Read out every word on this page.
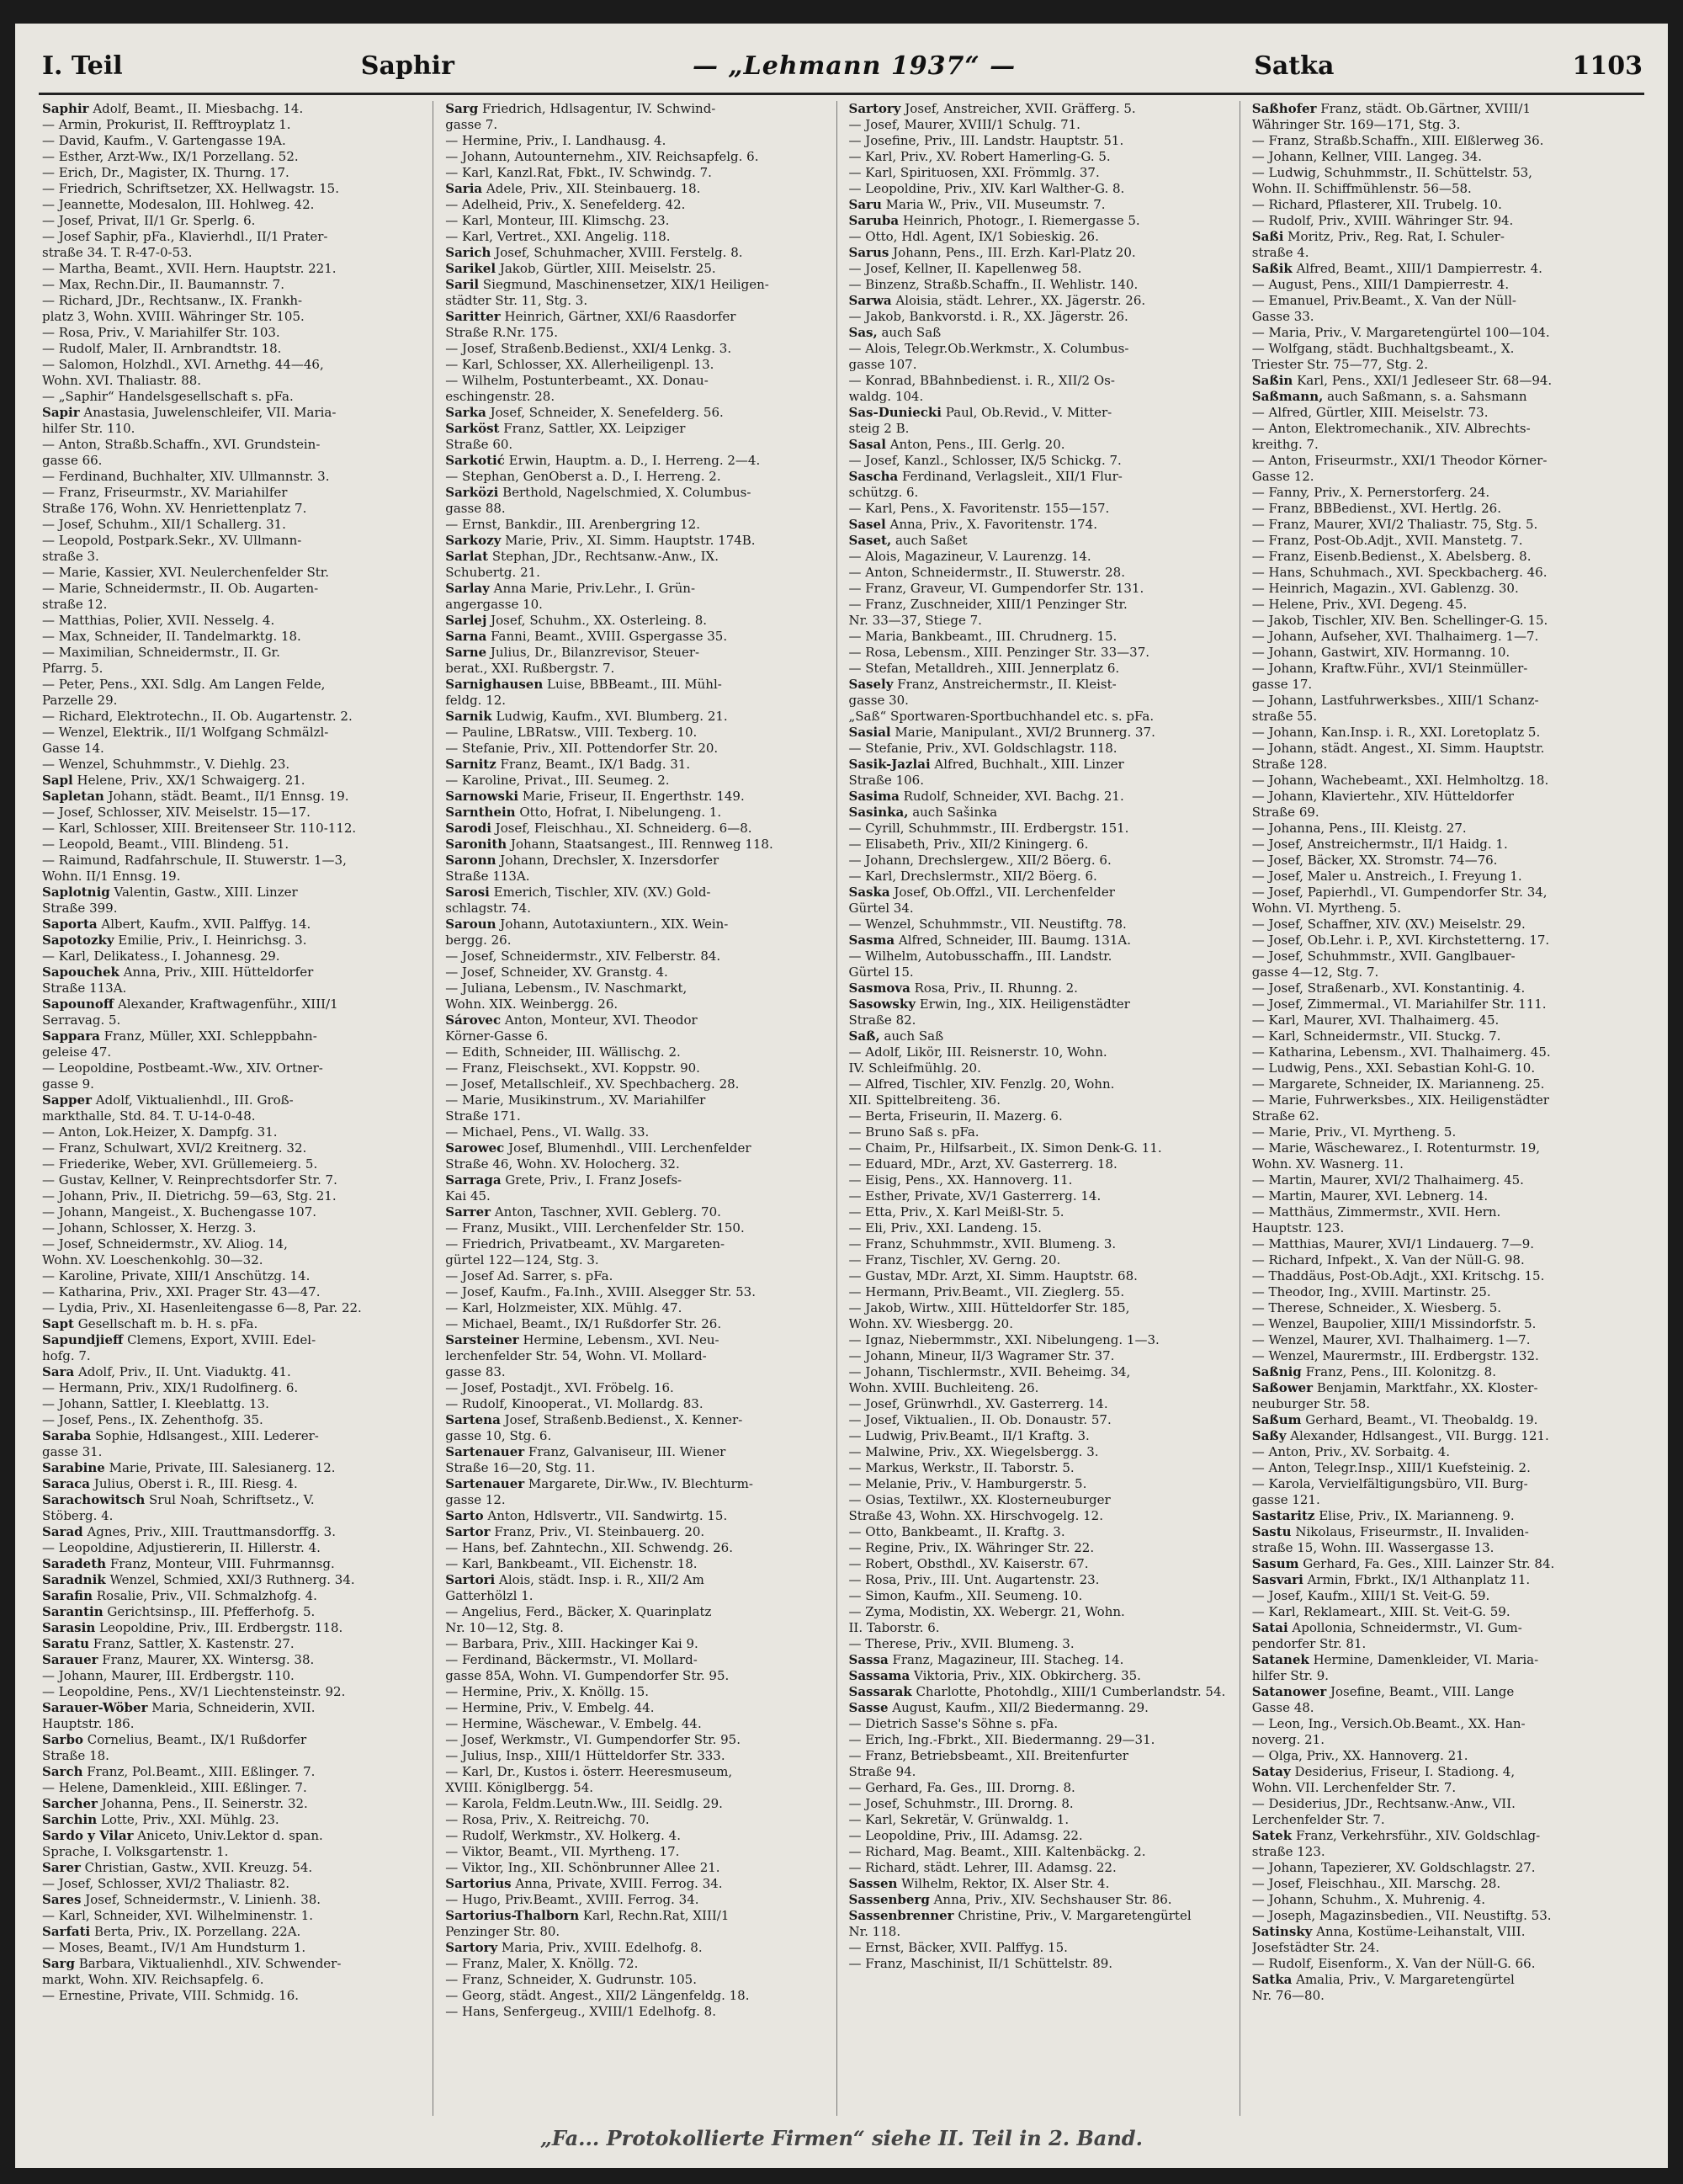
I. Teil	Saphir	— „Lehmann 1937“ —	Satka	1103
Saphir Adolf, Beamt., II. Miesbachg. 14.
— Armin, Prokurist, II. Refftroyplatz 1.
— David, Kaufm., V. Gartengasse 19A.
— Esther, Arzt-Ww., IX/1 Porzellang. 52.
— Erich, Dr., Magister, IX. Thurng. 17.
— Friedrich, Schriftsetzer, XX. Hellwagstr. 15.
— Jeannette, Modesalon, III. Hohlweg. 42.
— Josef, Privat, II/1 Gr. Sperlg. 6.
— Josef Saphir, pFa., Klavierhdl., II/1 Prater-
straße 34. T. R-47-0-53.
— Martha, Beamt., XVII. Hern. Hauptstr. 221.
— Max, Rechn.Dir., II. Baumannstr. 7.
— Richard, JDr., Rechtsanw., IX. Frankh-
platz 3, Wohn. XVIII. Währinger Str. 105.
— Rosa, Priv., V. Mariahilfer Str. 103.
— Rudolf, Maler, II. Arnbrandtstr. 18.
— Salomon, Holzhdl., XVI. Arnethg. 44—46,
Wohn. XVI. Thaliastr. 88.
— „Saphir“ Handelsgesellschaft s. pFa.
Sapir Anastasia, Juwelenschleifer, VII. Maria-
hilfer Str. 110.
— Anton, Straßb.Schaffn., XVI. Grundstein-
gasse 66.
— Ferdinand, Buchhalter, XIV. Ullmannstr. 3.
— Franz, Friseurmstr., XV. Mariahilfer
Straße 176, Wohn. XV. Henriettenplatz 7.
— Josef, Schuhm., XII/1 Schallerg. 31.
— Leopold, Postpark.Sekr., XV. Ullmann-
straße 3.
— Marie, Kassier, XVI. Neulerchenfelder Str.
— Marie, Schneidermstr., II. Ob. Augarten-
straße 12.
— Matthias, Polier, XVII. Nesselg. 4.
— Max, Schneider, II. Tandelmarktg. 18.
— Maximilian, Schneidermstr., II. Gr.
Pfarrg. 5.
— Peter, Pens., XXI. Sdlg. Am Langen Felde,
Parzelle 29.
— Richard, Elektrotechn., II. Ob. Augartenstr. 2.
— Wenzel, Elektrik., II/1 Wolfgang Schmälzl-
Gasse 14.
— Wenzel, Schuhmmstr., V. Diehlg. 23.
Sapl Helene, Priv., XX/1 Schwaigerg. 21.
Sapletan Johann, städt. Beamt., II/1 Ennsg. 19.
— Josef, Schlosser, XIV. Meiselstr. 15—17.
— Karl, Schlosser, XIII. Breitenseer Str. 110-112.
— Leopold, Beamt., VIII. Blindeng. 51.
— Raimund, Radfahrschule, II. Stuwerstr. 1—3,
Wohn. II/1 Ennsg. 19.
Saplotnig Valentin, Gastw., XIII. Linzer
Straße 399.
Saporta Albert, Kaufm., XVII. Palffyg. 14.
Sapotozky Emilie, Priv., I. Heinrichsg. 3.
— Karl, Delikatess., I. Johannesg. 29.
Sapouchek Anna, Priv., XIII. Hütteldorfer
Straße 113A.
Sapounoff Alexander, Kraftwagenführ., XIII/1
Serravag. 5.
Sappara Franz, Müller, XXI. Schleppbahn-
geleise 47.
— Leopoldine, Postbeamt.-Ww., XIV. Ortner-
gasse 9.
Sapper Adolf, Viktualienhdl., III. Groß-
markthalle, Std. 84. T. U-14-0-48.
— Anton, Lok.Heizer, X. Dampfg. 31.
— Franz, Schulwart, XVI/2 Kreitnerg. 32.
— Friederike, Weber, XVI. Grüllemeierg. 5.
— Gustav, Kellner, V. Reinprechtsdorfer Str. 7.
— Johann, Priv., II. Dietrichg. 59—63, Stg. 21.
— Johann, Mangeist., X. Buchengasse 107.
— Johann, Schlosser, X. Herzg. 3.
— Josef, Schneidermstr., XV. Aliog. 14,
Wohn. XV. Loeschenkohlg. 30—32.
— Karoline, Private, XIII/1 Anschützg. 14.
— Katharina, Priv., XXI. Prager Str. 43—47.
— Lydia, Priv., XI. Hasenleitengasse 6—8, Par. 22.
Sapt Gesellschaft m. b. H. s. pFa.
Sapundjieff Clemens, Export, XVIII. Edel-
hofg. 7.
Sara Adolf, Priv., II. Unt. Viaduktg. 41.
— Hermann, Priv., XIX/1 Rudolfinerg. 6.
— Johann, Sattler, I. Kleeblattg. 13.
— Josef, Pens., IX. Zehenthofg. 35.
Saraba Sophie, Hdlsangest., XIII. Lederer-
gasse 31.
Sarabine Marie, Private, III. Salesianerg. 12.
Saraca Julius, Oberst i. R., III. Riesg. 4.
Sarachowitsch Srul Noah, Schriftsetz., V.
Stöberg. 4.
Sarad Agnes, Priv., XIII. Trauttmansdorffg. 3.
— Leopoldine, Adjustiererin, II. Hillerstr. 4.
Saradeth Franz, Monteur, VIII. Fuhrmannsg.
Saradnik Wenzel, Schmied, XXI/3 Ruthnerg. 34.
Sarafin Rosalie, Priv., VII. Schmalzhofg. 4.
Sarantin Gerichtsinsp., III. Pfefferhofg. 5.
Sarasin Leopoldine, Priv., III. Erdbergstr. 118.
Saratu Franz, Sattler, X. Kastenstr. 27.
Sarauer Franz, Maurer, XX. Wintersg. 38.
— Johann, Maurer, III. Erdbergstr. 110.
— Leopoldine, Pens., XV/1 Liechtensteinstr. 92.
Sarauer-Wöber Maria, Schneiderin, XVII.
Hauptstr. 186.
Sarbo Cornelius, Beamt., IX/1 Rußdorfer
Straße 18.
Sarch Franz, Pol.Beamt., XIII. Eßlinger. 7.
— Helene, Damenkleid., XIII. Eßlinger. 7.
Sarcher Johanna, Pens., II. Seinerstr. 32.
Sarchin Lotte, Priv., XXI. Mühlg. 23.
Sardo y Vilar Aniceto, Univ.Lektor d. span.
Sprache, I. Volksgartenstr. 1.
Sarer Christian, Gastw., XVII. Kreuzg. 54.
— Josef, Schlosser, XVI/2 Thaliastr. 82.
Sares Josef, Schneidermstr., V. Linienh. 38.
— Karl, Schneider, XVI. Wilhelminenstr. 1.
Sarfati Berta, Priv., IX. Porzellang. 22A.
— Moses, Beamt., IV/1 Am Hundsturm 1.
Sarg Barbara, Viktualienhdl., XIV. Schwender-
markt, Wohn. XIV. Reichsapfelg. 6.
— Ernestine, Private, VIII. Schmidg. 16.
Sarg Friedrich, Hdlsagentur, IV. Schwind-
gasse 7.
— Hermine, Priv., I. Landhausg. 4.
— Johann, Autounternehm., XIV. Reichsapfelg. 6.
— Karl, Kanzl.Rat, Fbkt., IV. Schwindg. 7.
Saria Adele, Priv., XII. Steinbauerg. 18.
— Adelheid, Priv., X. Senefelderg. 42.
— Karl, Monteur, III. Klimschg. 23.
— Karl, Vertret., XXI. Angelig. 118.
Sarich Josef, Schuhmacher, XVIII. Ferstelg. 8.
Sarikel Jakob, Gürtler, XIII. Meiselstr. 25.
Saril Siegmund, Maschinensetzer, XIX/1 Heiligen-
städter Str. 11, Stg. 3.
Saritter Heinrich, Gärtner, XXI/6 Raasdorfer
Straße R.Nr. 175.
— Josef, Straßenb.Bedienst., XXI/4 Lenkg. 3.
— Karl, Schlosser, XX. Allerheiligenpl. 13.
— Wilhelm, Postunterbeamt., XX. Donau-
eschingenstr. 28.
Sarka Josef, Schneider, X. Senefelderg. 56.
Sarköst Franz, Sattler, XX. Leipziger
Straße 60.
Sarkotić Erwin, Hauptm. a. D., I. Herreng. 2—4.
— Stephan, GenOberst a. D., I. Herreng. 2.
Sarközi Berthold, Nagelschmied, X. Columbus-
gasse 88.
— Ernst, Bankdir., III. Arenbergring 12.
Sarkozy Marie, Priv., XI. Simm. Hauptstr. 174B.
Sarlat Stephan, JDr., Rechtsanw.-Anw., IX.
Schubertg. 21.
Sarlay Anna Marie, Priv.Lehr., I. Grün-
angergasse 10.
Sarlej Josef, Schuhm., XX. Osterleing. 8.
Sarna Fanni, Beamt., XVIII. Gspergasse 35.
Sarne Julius, Dr., Bilanzrevisor, Steuer-
berat., XXI. Rußbergstr. 7.
Sarnighausen Luise, BBBeamt., III. Mühl-
feldg. 12.
Sarnik Ludwig, Kaufm., XVI. Blumberg. 21.
— Pauline, LBRatsw., VIII. Texberg. 10.
— Stefanie, Priv., XII. Pottendorfer Str. 20.
Sarnitz Franz, Beamt., IX/1 Badg. 31.
— Karoline, Privat., III. Seumeg. 2.
Sarnowski Marie, Friseur, II. Engerthstr. 149.
Sarnthein Otto, Hofrat, I. Nibelungeng. 1.
Sarodi Josef, Fleischhau., XI. Schneiderg. 6—8.
Saronith Johann, Staatsangest., III. Rennweg 118.
Saronn Johann, Drechsler, X. Inzersdorfer
Straße 113A.
Sarosi Emerich, Tischler, XIV. (XV.) Gold-
schlagstr. 74.
Saroun Johann, Autotaxiuntern., XIX. Wein-
bergg. 26.
— Josef, Schneidermstr., XIV. Felberstr. 84.
— Josef, Schneider, XV. Granstg. 4.
— Juliana, Lebensm., IV. Naschmarkt,
Wohn. XIX. Weinbergg. 26.
Sárovec Anton, Monteur, XVI. Theodor
Körner-Gasse 6.
— Edith, Schneider, III. Wällischg. 2.
— Franz, Fleischsekt., XVI. Koppstr. 90.
— Josef, Metallschleif., XV. Spechbacherg. 28.
— Marie, Musikinstrum., XV. Mariahilfer
Straße 171.
— Michael, Pens., VI. Wallg. 33.
Sarowec Josef, Blumenhdl., VIII. Lerchenfelder
Straße 46, Wohn. XV. Holocherg. 32.
Sarraga Grete, Priv., I. Franz Josefs-
Kai 45.
Sarrer Anton, Taschner, XVII. Geblerg. 70.
— Franz, Musikt., VIII. Lerchenfelder Str. 150.
— Friedrich, Privatbeamt., XV. Margareten-
gürtel 122—124, Stg. 3.
— Josef Ad. Sarrer, s. pFa.
— Josef, Kaufm., Fa.Inh., XVIII. Alsegger Str. 53.
— Karl, Holzmeister, XIX. Mühlg. 47.
— Michael, Beamt., IX/1 Rußdorfer Str. 26.
Sarsteiner Hermine, Lebensm., XVI. Neu-
lerchenfelder Str. 54, Wohn. VI. Mollard-
gasse 83.
— Josef, Postadjt., XVI. Fröbelg. 16.
— Rudolf, Kinooperat., VI. Mollardg. 83.
Sartena Josef, Straßenb.Bedienst., X. Kenner-
gasse 10, Stg. 6.
Sartenauer Franz, Galvaniseur, III. Wiener
Straße 16—20, Stg. 11.
Sartenauer Margarete, Dir.Ww., IV. Blechturm-
gasse 12.
Sarto Anton, Hdlsvertr., VII. Sandwirtg. 15.
Sartor Franz, Priv., VI. Steinbauerg. 20.
— Hans, bef. Zahntechn., XII. Schwendg. 26.
— Karl, Bankbeamt., VII. Eichenstr. 18.
Sartori Alois, städt. Insp. i. R., XII/2 Am
Gatterhölzl 1.
— Angelius, Ferd., Bäcker, X. Quarinplatz
Nr. 10—12, Stg. 8.
— Barbara, Priv., XIII. Hackinger Kai 9.
— Ferdinand, Bäckermstr., VI. Mollard-
gasse 85A, Wohn. VI. Gumpendorfer Str. 95.
— Hermine, Priv., X. Knöllg. 15.
— Hermine, Priv., V. Embelg. 44.
— Hermine, Wäschewar., V. Embelg. 44.
— Josef, Werkmstr., VI. Gumpendorfer Str. 95.
— Julius, Insp., XIII/1 Hütteldorfer Str. 333.
— Karl, Dr., Kustos i. österr. Heeresmuseum,
XVIII. Königlbergg. 54.
— Karola, Feldm.Leutn.Ww., III. Seidlg. 29.
— Rosa, Priv., X. Reitreichg. 70.
— Rudolf, Werkmstr., XV. Holkerg. 4.
— Viktor, Beamt., VII. Myrtheng. 17.
— Viktor, Ing., XII. Schönbrunner Allee 21.
Sartorius Anna, Private, XVIII. Ferrog. 34.
— Hugo, Priv.Beamt., XVIII. Ferrog. 34.
Sartorius-Thalborn Karl, Rechn.Rat, XIII/1
Penzinger Str. 80.
Sartory Maria, Priv., XVIII. Edelhofg. 8.
— Franz, Maler, X. Knöllg. 72.
— Franz, Schneider, X. Gudrunstr. 105.
— Georg, städt. Angest., XII/2 Längenfeldg. 18.
— Hans, Senfergeug., XVIII/1 Edelhofg. 8.
Sartory Josef, Anstreicher, XVII. Gräfferg. 5.
— Josef, Maurer, XVIII/1 Schulg. 71.
— Josefine, Priv., III. Landstr. Hauptstr. 51.
— Karl, Priv., XV. Robert Hamerling-G. 5.
— Karl, Spirituosen, XXI. Frömmlg. 37.
— Leopoldine, Priv., XIV. Karl Walther-G. 8.
Saru Maria W., Priv., VII. Museumstr. 7.
Saruba Heinrich, Photogr., I. Riemergasse 5.
— Otto, Hdl. Agent, IX/1 Sobieskig. 26.
Sarus Johann, Pens., III. Erzh. Karl-Platz 20.
— Josef, Kellner, II. Kapellenweg 58.
— Binzenz, Straßb.Schaffn., II. Wehlistr. 140.
Sarwa Aloisia, städt. Lehrer., XX. Jägerstr. 26.
— Jakob, Bankvorstd. i. R., XX. Jägerstr. 26.
Sas, auch Saß
— Alois, Telegr.Ob.Werkmstr., X. Columbus-
gasse 107.
— Konrad, BBahnbedienst. i. R., XII/2 Os-
waldg. 104.
Sas-Duniecki Paul, Ob.Revid., V. Mitter-
steig 2 B.
Sasal Anton, Pens., III. Gerlg. 20.
— Josef, Kanzl., Schlosser, IX/5 Schickg. 7.
Sascha Ferdinand, Verlagsleit., XII/1 Flur-
schützg. 6.
— Karl, Pens., X. Favoritenstr. 155—157.
Sasel Anna, Priv., X. Favoritenstr. 174.
Saset, auch Saßet
— Alois, Magazineur, V. Laurenzg. 14.
— Anton, Schneidermstr., II. Stuwerstr. 28.
— Franz, Graveur, VI. Gumpendorfer Str. 131.
— Franz, Zuschneider, XIII/1 Penzinger Str.
Nr. 33—37, Stiege 7.
— Maria, Bankbeamt., III. Chrudnerg. 15.
— Rosa, Lebensm., XIII. Penzinger Str. 33—37.
— Stefan, Metalldreh., XIII. Jennerplatz 6.
Sasely Franz, Anstreichermstr., II. Kleist-
gasse 30.
„Saß“ Sportwaren-Sportbuchhandel etc. s. pFa.
Sasial Marie, Manipulant., XVI/2 Brunnerg. 37.
— Stefanie, Priv., XVI. Goldschlagstr. 118.
Sasik-Jazlai Alfred, Buchhalt., XIII. Linzer
Straße 106.
Sasima Rudolf, Schneider, XVI. Bachg. 21.
Sasinka, auch Sašinka
— Cyrill, Schuhmmstr., III. Erdbergstr. 151.
— Elisabeth, Priv., XII/2 Kiningerg. 6.
— Johann, Drechslergew., XII/2 Böerg. 6.
— Karl, Drechslermstr., XII/2 Böerg. 6.
Saska Josef, Ob.Offzl., VII. Lerchenfelder
Gürtel 34.
— Wenzel, Schuhmmstr., VII. Neustiftg. 78.
Sasma Alfred, Schneider, III. Baumg. 131A.
— Wilhelm, Autobusschaffn., III. Landstr.
Gürtel 15.
Sasmova Rosa, Priv., II. Rhunng. 2.
Sasowsky Erwin, Ing., XIX. Heiligenstädter
Straße 82.
Saß, auch Saß
— Adolf, Likör, III. Reisnerstr. 10, Wohn.
IV. Schleifmühlg. 20.
— Alfred, Tischler, XIV. Fenzlg. 20, Wohn.
XII. Spittelbreiteng. 36.
— Berta, Friseurin, II. Mazerg. 6.
— Bruno Saß s. pFa.
— Chaim, Pr., Hilfsarbeit., IX. Simon Denk-G. 11.
— Eduard, MDr., Arzt, XV. Gasterrerg. 18.
— Eisig, Pens., XX. Hannoverg. 11.
— Esther, Private, XV/1 Gasterrerg. 14.
— Etta, Priv., X. Karl Meißl-Str. 5.
— Eli, Priv., XXI. Landeng. 15.
— Franz, Schuhmmstr., XVII. Blumeng. 3.
— Franz, Tischler, XV. Gerng. 20.
— Gustav, MDr. Arzt, XI. Simm. Hauptstr. 68.
— Hermann, Priv.Beamt., VII. Zieglerg. 55.
— Jakob, Wirtw., XIII. Hütteldorfer Str. 185,
Wohn. XV. Wiesbergg. 20.
— Ignaz, Niebermmstr., XXI. Nibelungeng. 1—3.
— Johann, Mineur, II/3 Wagramer Str. 37.
— Johann, Tischlermstr., XVII. Beheimg. 34,
Wohn. XVIII. Buchleiteng. 26.
— Josef, Grünwrhdl., XV. Gasterrerg. 14.
— Josef, Viktualien., II. Ob. Donaustr. 57.
— Ludwig, Priv.Beamt., II/1 Kraftg. 3.
— Malwine, Priv., XX. Wiegelsbergg. 3.
— Markus, Werkstr., II. Taborstr. 5.
— Melanie, Priv., V. Hamburgerstr. 5.
— Osias, Textilwr., XX. Klosterneuburger
Straße 43, Wohn. XX. Hirschvogelg. 12.
— Otto, Bankbeamt., II. Kraftg. 3.
— Regine, Priv., IX. Währinger Str. 22.
— Robert, Obsthdl., XV. Kaiserstr. 67.
— Rosa, Priv., III. Unt. Augartenstr. 23.
— Simon, Kaufm., XII. Seumeng. 10.
— Zyma, Modistin, XX. Webergr. 21, Wohn.
II. Taborstr. 6.
— Therese, Priv., XVII. Blumeng. 3.
Sassa Franz, Magazineur, III. Stacheg. 14.
Sassama Viktoria, Priv., XIX. Obkircherg. 35.
Sassarak Charlotte, Photohdlg., XIII/1 Cumberlandstr. 54.
Sasse August, Kaufm., XII/2 Biedermanng. 29.
— Dietrich Sasse's Söhne s. pFa.
— Erich, Ing.-Fbrkt., XII. Biedermanng. 29—31.
— Franz, Betriebsbeamt., XII. Breitenfurter
Straße 94.
— Gerhard, Fa. Ges., III. Drorng. 8.
— Josef, Schuhmstr., III. Drorng. 8.
— Karl, Sekretär, V. Grünwaldg. 1.
— Leopoldine, Priv., III. Adamsg. 22.
— Richard, Mag. Beamt., XIII. Kaltenbäckg. 2.
— Richard, städt. Lehrer, III. Adamsg. 22.
Sassen Wilhelm, Rektor, IX. Alser Str. 4.
Sassenberg Anna, Priv., XIV. Sechshauser Str. 86.
Sassenbrenner Christine, Priv., V. Margaretengürtel
Nr. 118.
— Ernst, Bäcker, XVII. Palffyg. 15.
— Franz, Maschinist, II/1 Schüttelstr. 89.
Saßhofer Franz, städt. Ob.Gärtner, XVIII/1
Währinger Str. 169—171, Stg. 3.
— Franz, Straßb.Schaffn., XIII. Elßlerweg 36.
— Johann, Kellner, VIII. Langeg. 34.
— Ludwig, Schuhmmstr., II. Schüttelstr. 53,
Wohn. II. Schiffmühlenstr. 56—58.
— Richard, Pflasterer, XII. Trubelg. 10.
— Rudolf, Priv., XVIII. Währinger Str. 94.
Saßi Moritz, Priv., Reg. Rat, I. Schuler-
straße 4.
Saßik Alfred, Beamt., XIII/1 Dampierrestr. 4.
— August, Pens., XIII/1 Dampierrestr. 4.
— Emanuel, Priv.Beamt., X. Van der Nüll-
Gasse 33.
— Maria, Priv., V. Margaretengürtel 100—104.
— Wolfgang, städt. Buchhaltgsbeamt., X.
Triester Str. 75—77, Stg. 2.
Saßin Karl, Pens., XXI/1 Jedleseer Str. 68—94.
Saßmann, auch Saßmann, s. a. Sahsmann
— Alfred, Gürtler, XIII. Meiselstr. 73.
— Anton, Elektromechanik., XIV. Albrechts-
kreithg. 7.
— Anton, Friseurmstr., XXI/1 Theodor Körner-
Gasse 12.
— Fanny, Priv., X. Pernerstorferg. 24.
— Franz, BBBedienst., XVI. Hertlg. 26.
— Franz, Maurer, XVI/2 Thaliastr. 75, Stg. 5.
— Franz, Post-Ob.Adjt., XVII. Manstetg. 7.
— Franz, Eisenb.Bedienst., X. Abelsberg. 8.
— Hans, Schuhmach., XVI. Speckbacherg. 46.
— Heinrich, Magazin., XVI. Gablenzg. 30.
— Helene, Priv., XVI. Degeng. 45.
— Jakob, Tischler, XIV. Ben. Schellinger-G. 15.
— Johann, Aufseher, XVI. Thalhaimerg. 1—7.
— Johann, Gastwirt, XIV. Hormanng. 10.
— Johann, Kraftw.Führ., XVI/1 Steinmüller-
gasse 17.
— Johann, Lastfuhrwerksbes., XIII/1 Schanz-
straße 55.
— Johann, Kan.Insp. i. R., XXI. Loretoplatz 5.
— Johann, städt. Angest., XI. Simm. Hauptstr.
Straße 128.
— Johann, Wachebeamt., XXI. Helmholtzg. 18.
— Johann, Klaviertehr., XIV. Hütteldorfer
Straße 69.
— Johanna, Pens., III. Kleistg. 27.
— Josef, Anstreichermstr., II/1 Haidg. 1.
— Josef, Bäcker, XX. Stromstr. 74—76.
— Josef, Maler u. Anstreich., I. Freyung 1.
— Josef, Papierhdl., VI. Gumpendorfer Str. 34,
Wohn. VI. Myrtheng. 5.
— Josef, Schaffner, XIV. (XV.) Meiselstr. 29.
— Josef, Ob.Lehr. i. P., XVI. Kirchstetterng. 17.
— Josef, Schuhmmstr., XVII. Ganglbauer-
gasse 4—12, Stg. 7.
— Josef, Straßenarb., XVI. Konstantinig. 4.
— Josef, Zimmermal., VI. Mariahilfer Str. 111.
— Karl, Maurer, XVI. Thalhaimerg. 45.
— Karl, Schneidermstr., VII. Stuckg. 7.
— Katharina, Lebensm., XVI. Thalhaimerg. 45.
— Ludwig, Pens., XXI. Sebastian Kohl-G. 10.
— Margarete, Schneider, IX. Marianneng. 25.
— Marie, Fuhrwerksbes., XIX. Heiligenstädter
Straße 62.
— Marie, Priv., VI. Myrtheng. 5.
— Marie, Wäschewarez., I. Rotenturmstr. 19,
Wohn. XV. Wasnerg. 11.
— Martin, Maurer, XVI/2 Thalhaimerg. 45.
— Martin, Maurer, XVI. Lebnerg. 14.
— Matthäus, Zimmermstr., XVII. Hern.
Hauptstr. 123.
— Matthias, Maurer, XVI/1 Lindauerg. 7—9.
— Richard, Infpekt., X. Van der Nüll-G. 98.
— Thaddäus, Post-Ob.Adjt., XXI. Kritschg. 15.
— Theodor, Ing., XVIII. Martinstr. 25.
— Therese, Schneider., X. Wiesberg. 5.
— Wenzel, Baupolier, XIII/1 Missindorfstr. 5.
— Wenzel, Maurer, XVI. Thalhaimerg. 1—7.
— Wenzel, Maurermstr., III. Erdbergstr. 132.
Saßnig Franz, Pens., III. Kolonitzg. 8.
Saßower Benjamin, Marktfahr., XX. Kloster-
neuburger Str. 58.
Saßum Gerhard, Beamt., VI. Theobaldg. 19.
Saßy Alexander, Hdlsangest., VII. Burgg. 121.
— Anton, Priv., XV. Sorbaitg. 4.
— Anton, Telegr.Insp., XIII/1 Kuefsteinig. 2.
— Karola, Vervielfältigungsbüro, VII. Burg-
gasse 121.
Sastaritz Elise, Priv., IX. Marianneng. 9.
Sastu Nikolaus, Friseurmstr., II. Invaliden-
straße 15, Wohn. III. Wassergasse 13.
Sasum Gerhard, Fa. Ges., XIII. Lainzer Str. 84.
Sasvari Armin, Fbrkt., IX/1 Althanplatz 11.
— Josef, Kaufm., XIII/1 St. Veit-G. 59.
— Karl, Reklameart., XIII. St. Veit-G. 59.
Satai Apollonia, Schneidermstr., VI. Gum-
pendorfer Str. 81.
Satanek Hermine, Damenkleider, VI. Maria-
hilfer Str. 9.
Satanower Josefine, Beamt., VIII. Lange
Gasse 48.
— Leon, Ing., Versich.Ob.Beamt., XX. Han-
noverg. 21.
— Olga, Priv., XX. Hannoverg. 21.
Satay Desiderius, Friseur, I. Stadiong. 4,
Wohn. VII. Lerchenfelder Str. 7.
— Desiderius, JDr., Rechtsanw.-Anw., VII.
Lerchenfelder Str. 7.
Satek Franz, Verkehrsführ., XIV. Goldschlag-
straße 123.
— Johann, Tapezierer, XV. Goldschlagstr. 27.
— Josef, Fleischhau., XII. Marschg. 28.
— Johann, Schuhm., X. Muhrenig. 4.
— Joseph, Magazinsbedien., VII. Neustiftg. 53.
Satinsky Anna, Kostüme-Leihanstalt, VIII.
Josefstädter Str. 24.
— Rudolf, Eisenform., X. Van der Nüll-G. 66.
Satka Amalia, Priv., V. Margaretengürtel
Nr. 76—80.
„Fa... Protokollierte Firmen“ siehe II. Teil in 2. Band.
